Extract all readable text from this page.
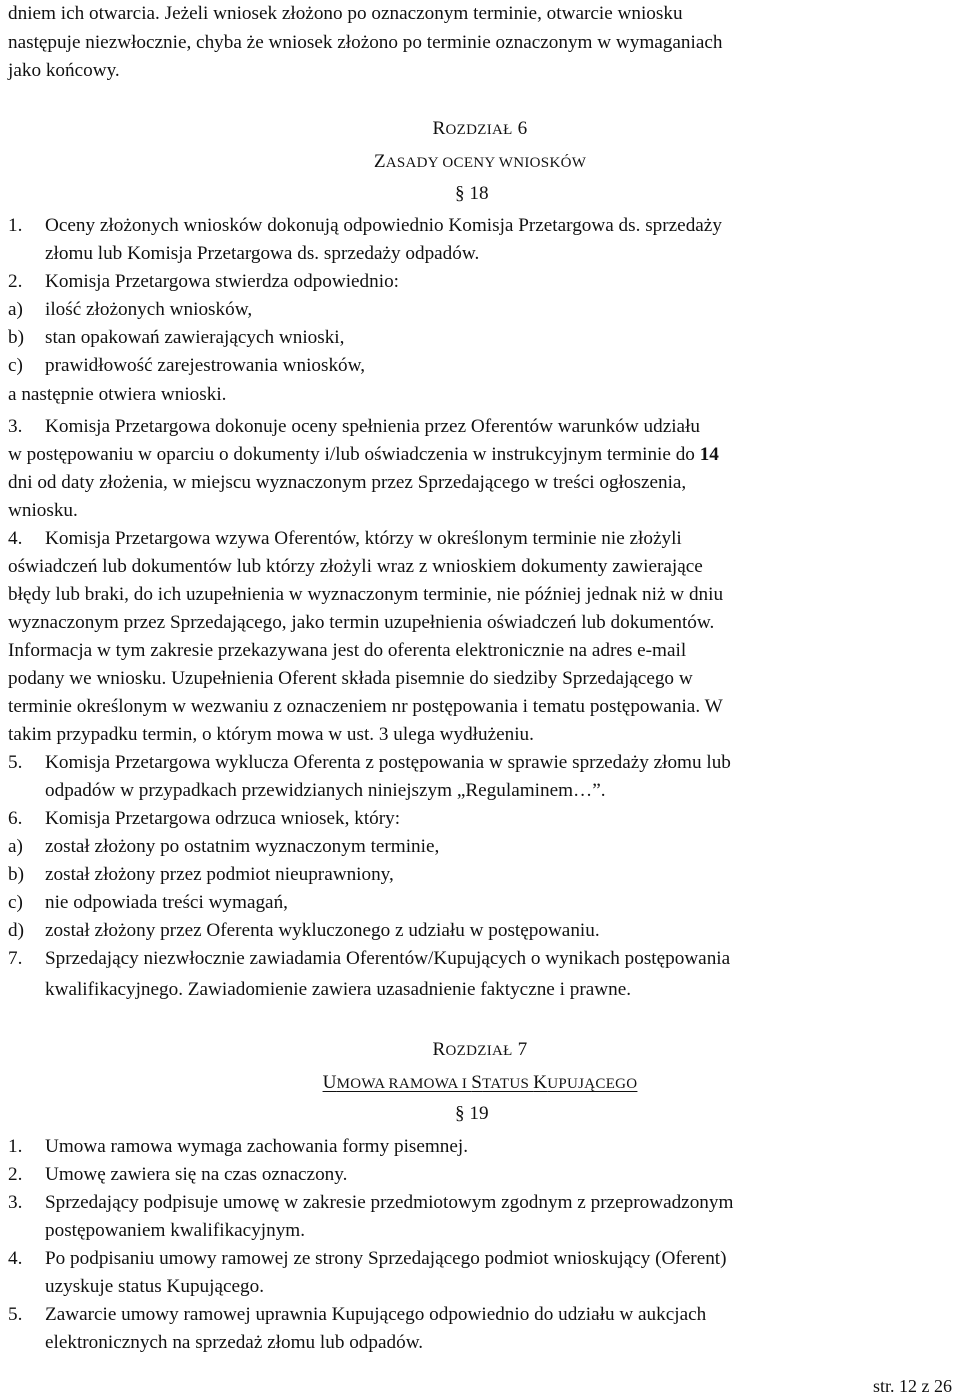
dniem ich otwarcia. Jeżeli wniosek złożono po oznaczonym terminie, otwarcie wniosku

następuje niezwłocznie, chyba że wniosek złożono po terminie oznaczonym w wymaganiach

jako końcowy.

ROZDZIAŁ 6

ZASADY OCENY WNIOSKÓW

§ 18

1.	Oceny złożonych wniosków dokonują odpowiednio Komisja Przetargowa ds. sprzedaży
złomu lub Komisja Przetargowa ds. sprzedaży odpadów.
2.	Komisja Przetargowa stwierdza odpowiednio:
a)	ilość złożonych wniosków,
b)	stan opakowań zawierających wnioski,
c)	prawidłowość zarejestrowania wniosków,

a następnie otwiera wnioski.

3.	Komisja Przetargowa dokonuje oceny spełnienia przez Oferentów warunków udziału

w postępowaniu w oparciu o dokumenty i/lub oświadczenia w instrukcyjnym terminie do 14

dni od daty złożenia, w miejscu wyznaczonym przez Sprzedającego w treści ogłoszenia,

wniosku.

4.	Komisja Przetargowa wzywa Oferentów, którzy w określonym terminie nie złożyli

oświadczeń lub dokumentów lub którzy złożyli wraz z wnioskiem dokumenty zawierające

błędy lub braki, do ich uzupełnienia w wyznaczonym terminie, nie później jednak niż w dniu

wyznaczonym przez Sprzedającego, jako termin uzupełnienia oświadczeń lub dokumentów.

Informacja w tym zakresie przekazywana jest do oferenta elektronicznie na adres e-mail

podany we wniosku. Uzupełnienia Oferent składa pisemnie do siedziby Sprzedającego w

terminie określonym w wezwaniu z oznaczeniem nr postępowania i tematu postępowania. W

takim przypadku termin, o którym mowa w ust. 3 ulega wydłużeniu.

5.	Komisja Przetargowa wyklucza Oferenta z postępowania w sprawie sprzedaży złomu lub
odpadów w przypadkach przewidzianych niniejszym „Regulaminem…”.
6.	Komisja Przetargowa odrzuca wniosek, który:
a)	został złożony po ostatnim wyznaczonym terminie,
b)	został złożony przez podmiot nieuprawniony,
c)	nie odpowiada treści wymagań,
d)	został złożony przez Oferenta wykluczonego z udziału w postępowaniu.
7.	Sprzedający niezwłocznie zawiadamia Oferentów/Kupujących o wynikach postępowania
kwalifikacyjnego. Zawiadomienie zawiera uzasadnienie faktyczne i prawne.

ROZDZIAŁ 7

UMOWA RAMOWA I STATUS KUPUJĄCEGO

§ 19

1.	Umowa ramowa wymaga zachowania formy pisemnej.
2.	Umowę zawiera się na czas oznaczony.
3.	Sprzedający podpisuje umowę w zakresie przedmiotowym zgodnym z przeprowadzonym
postępowaniem kwalifikacyjnym.
4.	Po podpisaniu umowy ramowej ze strony Sprzedającego podmiot wnioskujący (Oferent)
uzyskuje status Kupującego.
5.	Zawarcie umowy ramowej uprawnia Kupującego odpowiednio do udziału w aukcjach
elektronicznych na sprzedaż złomu lub odpadów.

str. 12 z 26
